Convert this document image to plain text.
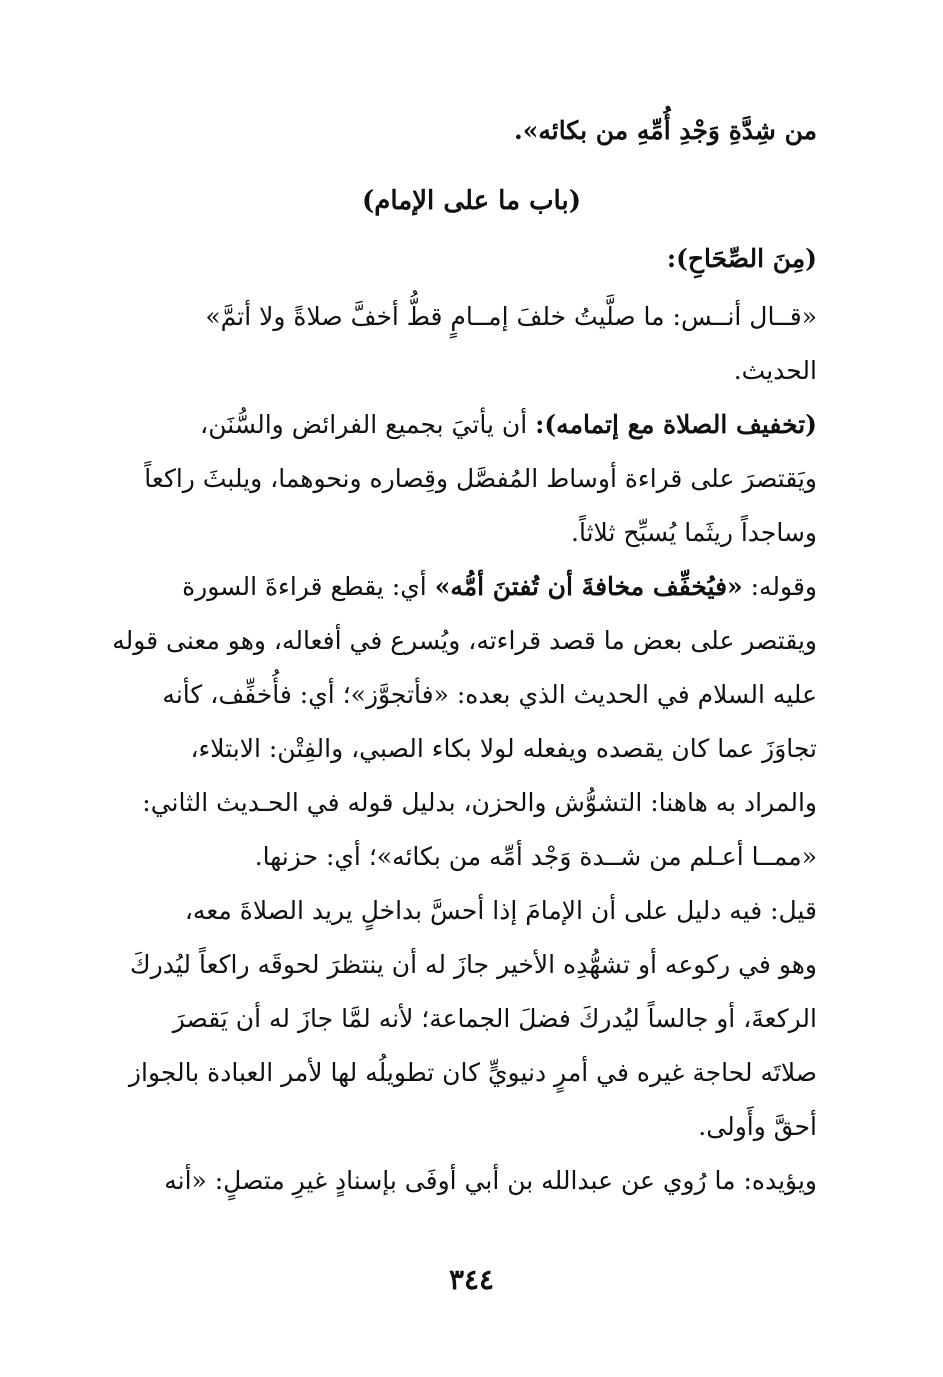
من شِدَّةِ وَجْدِ أُمِّهِ من بكائه».
(باب ما على الإمام)
(مِنَ الصِّحَاحِ):
«قــال أنــس: ما صلَّيتُ خلفَ إمــامٍ قطُّ أخفَّ صلاةً ولا أتمَّ»
الحديث.
(تخفيف الصلاة مع إتمامه): أن يأتيَ بجميع الفرائض والسُّنَن،
ويَقتصرَ على قراءة أوساط المُفصَّل وقِصاره ونحوهما، ويلبثَ راكعاً
وساجداً ريثَما يُسبِّح ثلاثاً.
وقوله: «فيُخفِّف مخافةَ أن تُفتنَ أمُّه» أي: يقطع قراءةَ السورة
ويقتصر على بعض ما قصد قراءته، ويُسرع في أفعاله، وهو معنى قوله
عليه السلام في الحديث الذي بعده: «فأتجوَّز»؛ أي: فأُخفِّف، كأنه
تجاوَزَ عما كان يقصده ويفعله لولا بكاء الصبي، والفِتْن: الابتلاء،
والمراد به هاهنا: التشوُّش والحزن، بدليل قوله في الحـديث الثاني:
«ممــا أعـلم من شــدة وَجْد أمِّه من بكائه»؛ أي: حزنها.
قيل: فيه دليل على أن الإمامَ إذا أحسَّ بداخلٍ يريد الصلاةَ معه،
وهو في ركوعه أو تشهُّدِه الأخير جازَ له أن ينتظرَ لحوقَه راكعاً ليُدركَ
الركعةَ، أو جالساً ليُدركَ فضلَ الجماعة؛ لأنه لمَّا جازَ له أن يَقصرَ
صلاتَه لحاجة غيره في أمرٍ دنيويٍّ كان تطويلُه لها لأمر العبادة بالجواز
أحقَّ وأَولى.
ويؤيده: ما رُوي عن عبدالله بن أبي أوفَى بإسنادٍ غيرِ متصلٍ: «أنه
٣٤٤
